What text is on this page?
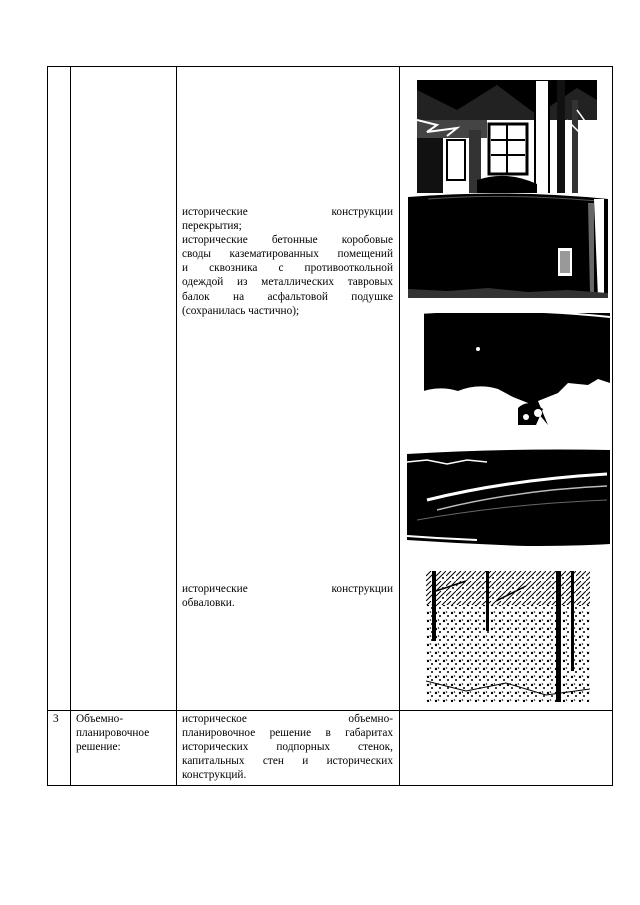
исторические конструкции
перекрытия;
исторические бетонные коробовые
своды казематированных помещений
и сквозника с противооткольной
одеждой из металлических тавровых
балок на асфальтовой подушке
(сохранилась частично);
исторические конструкции
обваловки.
3 Объемно-
планировочное
решение:
историческое объемно-
планировочное решение в габаритах
исторических подпорных стенок,
капитальных стен и исторических
конструкций.
